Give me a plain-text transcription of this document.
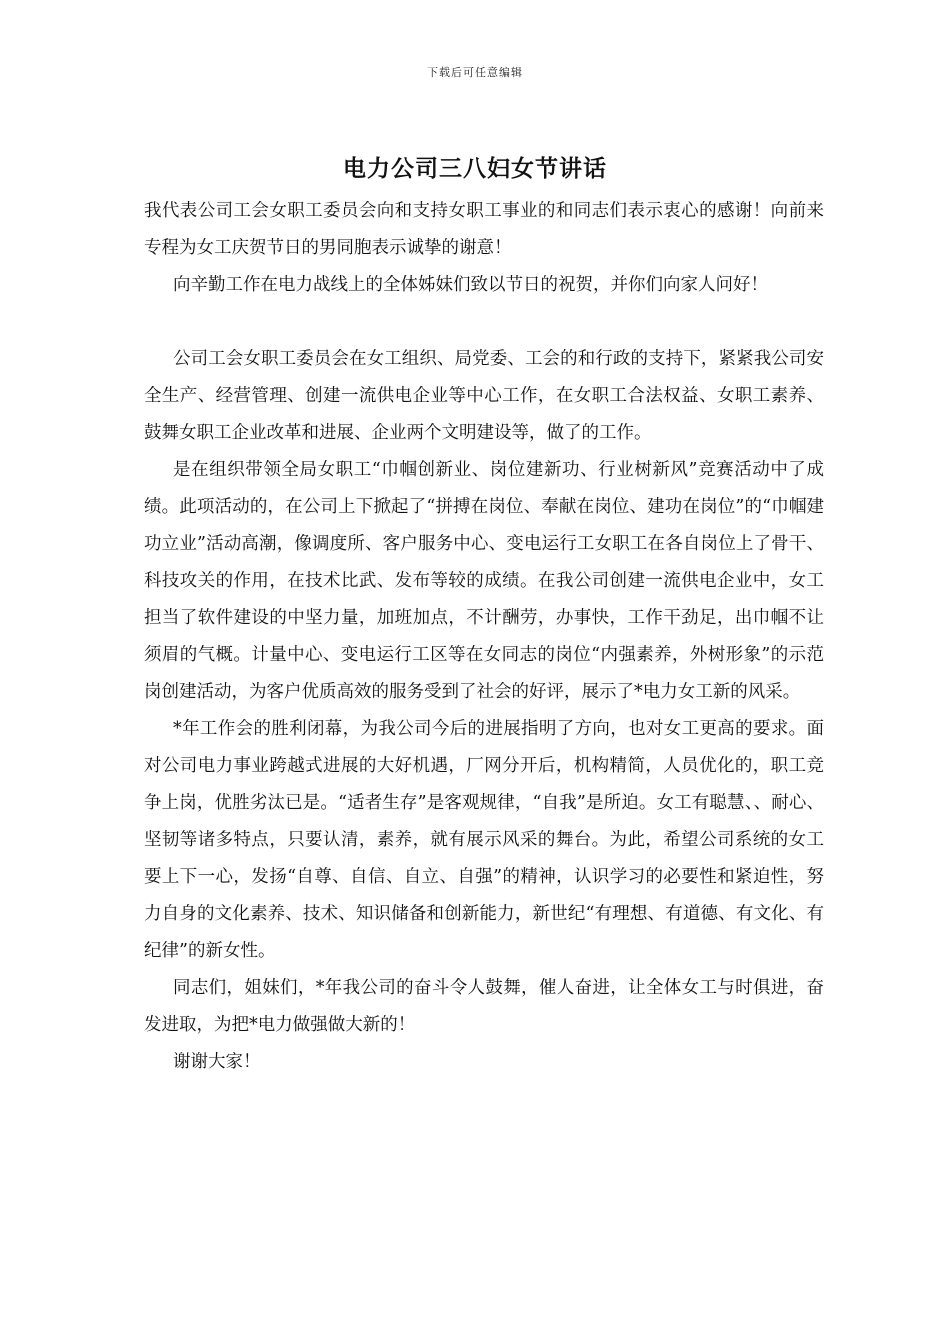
下载后可任意编辑
电力公司三八妇女节讲话

我代表公司工会女职工委员会向和支持女职工事业的和同志们表示衷心的感谢！向前来专程为女工庆贺节日的男同胞表示诚挚的谢意！

向辛勤工作在电力战线上的全体姊妹们致以节日的祝贺，并你们向家人问好！

公司工会女职工委员会在女工组织、局党委、工会的和行政的支持下，紧紧我公司安全生产、经营管理、创建一流供电企业等中心工作，在女职工合法权益、女职工素养、鼓舞女职工企业改革和进展、企业两个文明建设等，做了的工作。

是在组织带领全局女职工“巾帼创新业、岗位建新功、行业树新风”竞赛活动中了成绩。此项活动的，在公司上下掀起了“拼搏在岗位、奉献在岗位、建功在岗位”的“巾帼建功立业”活动高潮，像调度所、客户服务中心、变电运行工女职工在各自岗位上了骨干、科技攻关的作用，在技术比武、发布等较的成绩。在我公司创建一流供电企业中，女工担当了软件建设的中坚力量，加班加点，不计酬劳，办事快，工作干劲足，出巾帼不让须眉的气概。计量中心、变电运行工区等在女同志的岗位“内强素养，外树形象”的示范岗创建活动，为客户优质高效的服务受到了社会的好评，展示了*电力女工新的风采。

*年工作会的胜利闭幕，为我公司今后的进展指明了方向，也对女工更高的要求。面对公司电力事业跨越式进展的大好机遇，厂网分开后，机构精简，人员优化的，职工竞争上岗，优胜劣汰已是。“适者生存”是客观规律，“自我”是所迫。女工有聪慧、、耐心、坚韧等诸多特点，只要认清，素养，就有展示风采的舞台。为此，希望公司系统的女工要上下一心，发扬“自尊、自信、自立、自强”的精神，认识学习的必要性和紧迫性，努力自身的文化素养、技术、知识储备和创新能力，新世纪“有理想、有道德、有文化、有纪律”的新女性。

同志们，姐妹们，*年我公司的奋斗令人鼓舞，催人奋进，让全体女工与时俱进，奋发进取，为把*电力做强做大新的！

谢谢大家！
